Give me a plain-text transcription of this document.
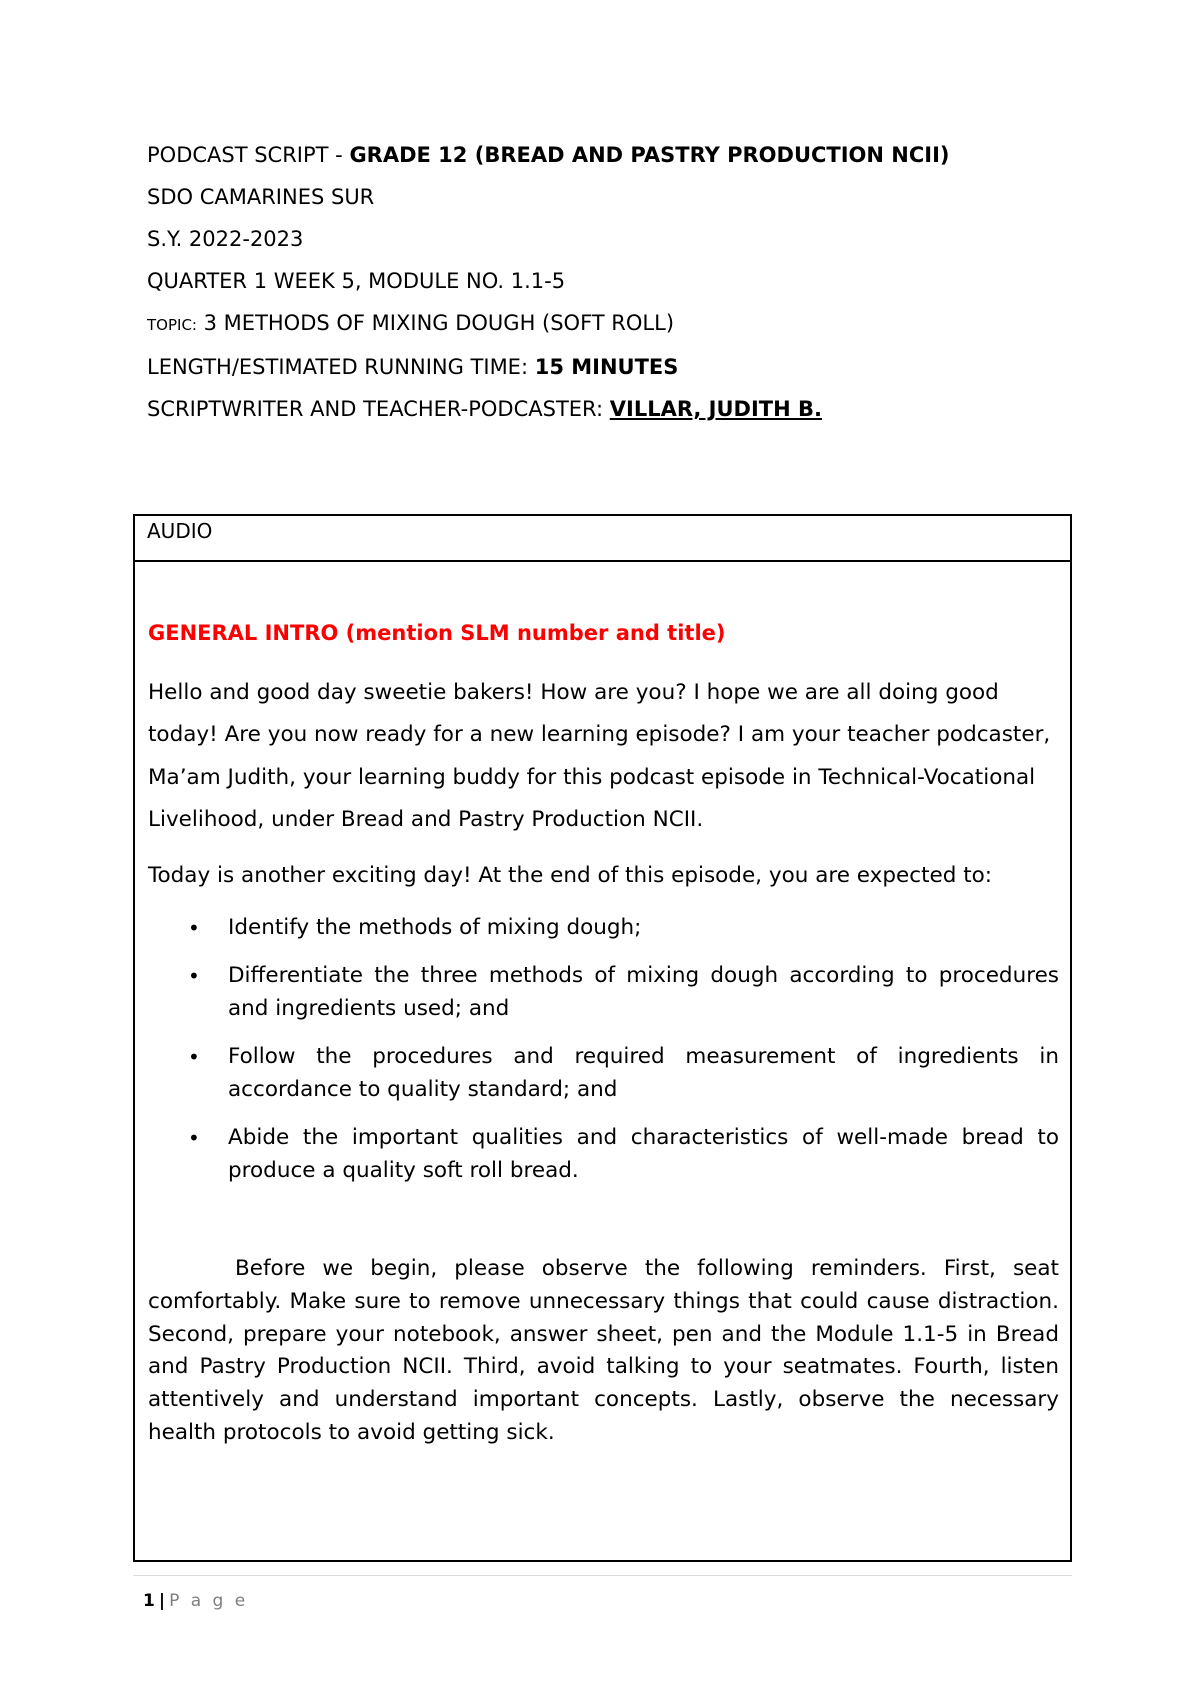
PODCAST SCRIPT - GRADE 12 (BREAD AND PASTRY PRODUCTION NCII)

SDO CAMARINES SUR

S.Y. 2022-2023

QUARTER 1 WEEK 5, MODULE NO. 1.1-5

TOPIC: 3 METHODS OF MIXING DOUGH (SOFT ROLL)

LENGTH/ESTIMATED RUNNING TIME: 15 MINUTES

SCRIPTWRITER AND TEACHER-PODCASTER: VILLAR, JUDITH B.

AUDIO

GENERAL INTRO (mention SLM number and title)

Hello and good day sweetie bakers! How are you? I hope we are all doing good today! Are you now ready for a new learning episode? I am your teacher podcaster, Ma’am Judith, your learning buddy for this podcast episode in Technical-Vocational Livelihood, under Bread and Pastry Production NCII.

Today is another exciting day! At the end of this episode, you are expected to:

• Identify the methods of mixing dough;
• Differentiate the three methods of mixing dough according to procedures and ingredients used; and
• Follow the procedures and required measurement of ingredients in accordance to quality standard; and
• Abide the important qualities and characteristics of well-made bread to produce a quality soft roll bread.

Before we begin, please observe the following reminders. First, seat comfortably. Make sure to remove unnecessary things that could cause distraction. Second, prepare your notebook, answer sheet, pen and the Module 1.1-5 in Bread and Pastry Production NCII. Third, avoid talking to your seatmates. Fourth, listen attentively and understand important concepts. Lastly, observe the necessary health protocols to avoid getting sick.

1 | P a g e
